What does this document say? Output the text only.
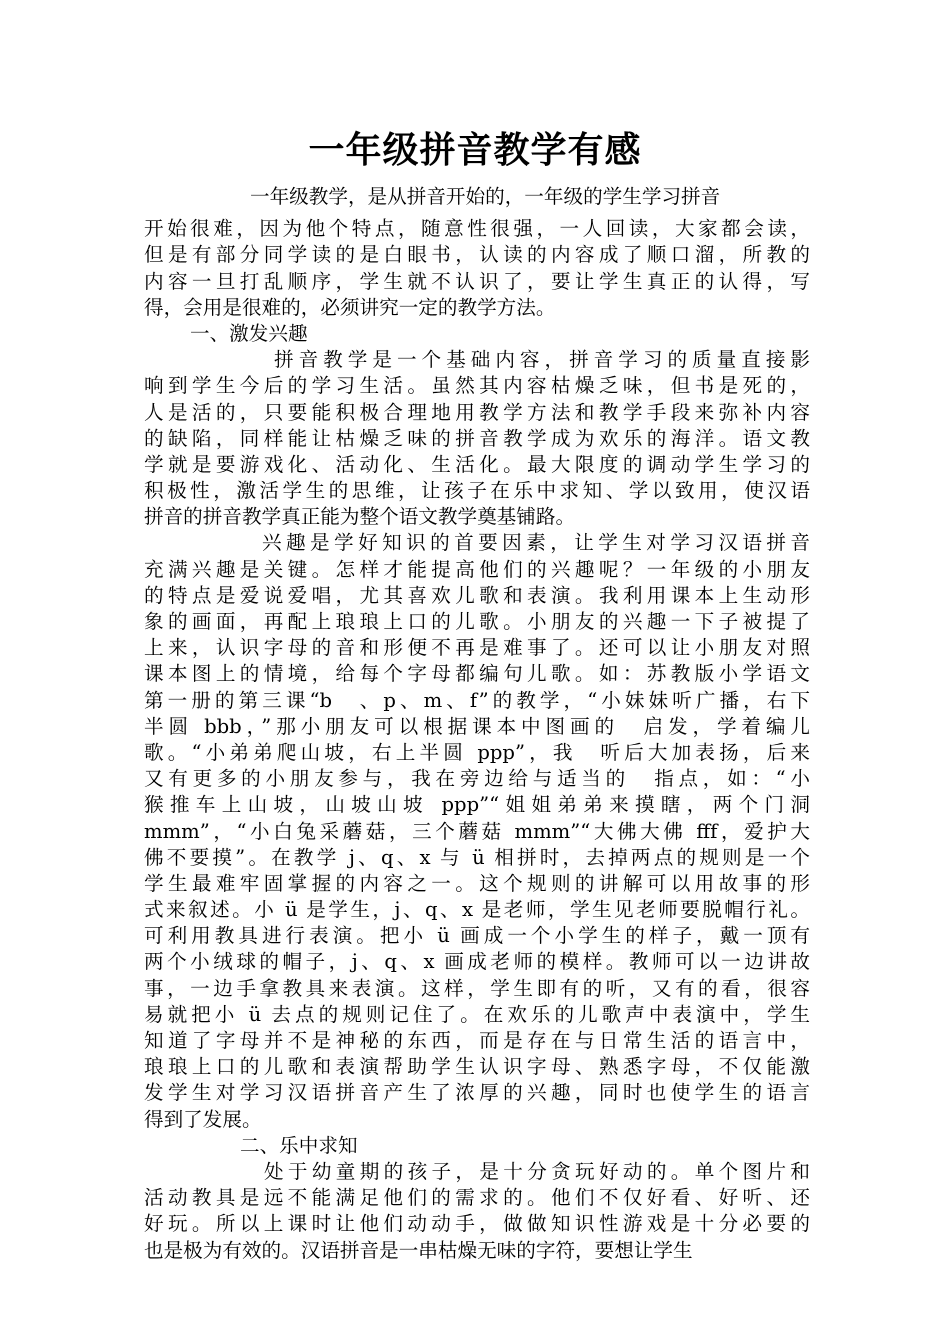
一年级拼音教学有感
一年级教学，是从拼音开始的，一年级的学生学习拼音
开始很难，因为他个特点，随意性很强，一人回读，大家都会读，
但是有部分同学读的是白眼书，认读的内容成了顺口溜，所教的
内容一旦打乱顺序，学生就不认识了，要让学生真正的认得，写
得，会用是很难的，必须讲究一定的教学方法。
一、激发兴趣
拼音教学是一个基础内容，拼音学习的质量直接影
响到学生今后的学习生活。虽然其内容枯燥乏味，但书是死的，
人是活的，只要能积极合理地用教学方法和教学手段来弥补内容
的缺陷，同样能让枯燥乏味的拼音教学成为欢乐的海洋。语文教
学就是要游戏化、活动化、生活化。最大限度的调动学生学习的
积极性，激活学生的思维，让孩子在乐中求知、学以致用，使汉语
拼音的拼音教学真正能为整个语文教学奠基铺路。
兴趣是学好知识的首要因素，让学生对学习汉语拼音
充满兴趣是关键。怎样才能提高他们的兴趣呢？一年级的小朋友
的特点是爱说爱唱，尤其喜欢儿歌和表演。我利用课本上生动形
象的画面，再配上琅琅上口的儿歌。小朋友的兴趣一下子被提了
上来，认识字母的音和形便不再是难事了。还可以让小朋友对照
课本图上的情境，给每个字母都编句儿歌。如：苏教版小学语文
第一册的第三课“b　、p、m、f”的教学，“小妹妹听广播，右下
半圆 bbb，”那小朋友可以根据课本中图画的　启发，学着编儿
歌。“小弟弟爬山坡，右上半圆 ppp”，我　听后大加表扬，后来
又有更多的小朋友参与，我在旁边给与适当的　指点，如：“小
猴推车上山坡，山坡山坡 ppp”“姐姐弟弟来摸瞎，两个门洞
mmm”，“小白兔采蘑菇，三个蘑菇 mmm”“大佛大佛 fff，爱护大
佛不要摸”。在教学 j、q、x 与 ü 相拼时，去掉两点的规则是一个
学生最难牢固掌握的内容之一。这个规则的讲解可以用故事的形
式来叙述。小 ü 是学生，j、q、x 是老师，学生见老师要脱帽行礼。
可利用教具进行表演。把小 ü 画成一个小学生的样子，戴一顶有
两个小绒球的帽子，j、q、x 画成老师的模样。教师可以一边讲故
事，一边手拿教具来表演。这样，学生即有的听，又有的看，很容
易就把小 ü 去点的规则记住了。在欢乐的儿歌声中表演中，学生
知道了字母并不是神秘的东西，而是存在与日常生活的语言中，
琅琅上口的儿歌和表演帮助学生认识字母、熟悉字母，不仅能激
发学生对学习汉语拼音产生了浓厚的兴趣，同时也使学生的语言
得到了发展。
二、乐中求知
处于幼童期的孩子，是十分贪玩好动的。单个图片和
活动教具是远不能满足他们的需求的。他们不仅好看、好听、还
好玩。所以上课时让他们动动手，做做知识性游戏是十分必要的
也是极为有效的。汉语拼音是一串枯燥无味的字符，要想让学生
